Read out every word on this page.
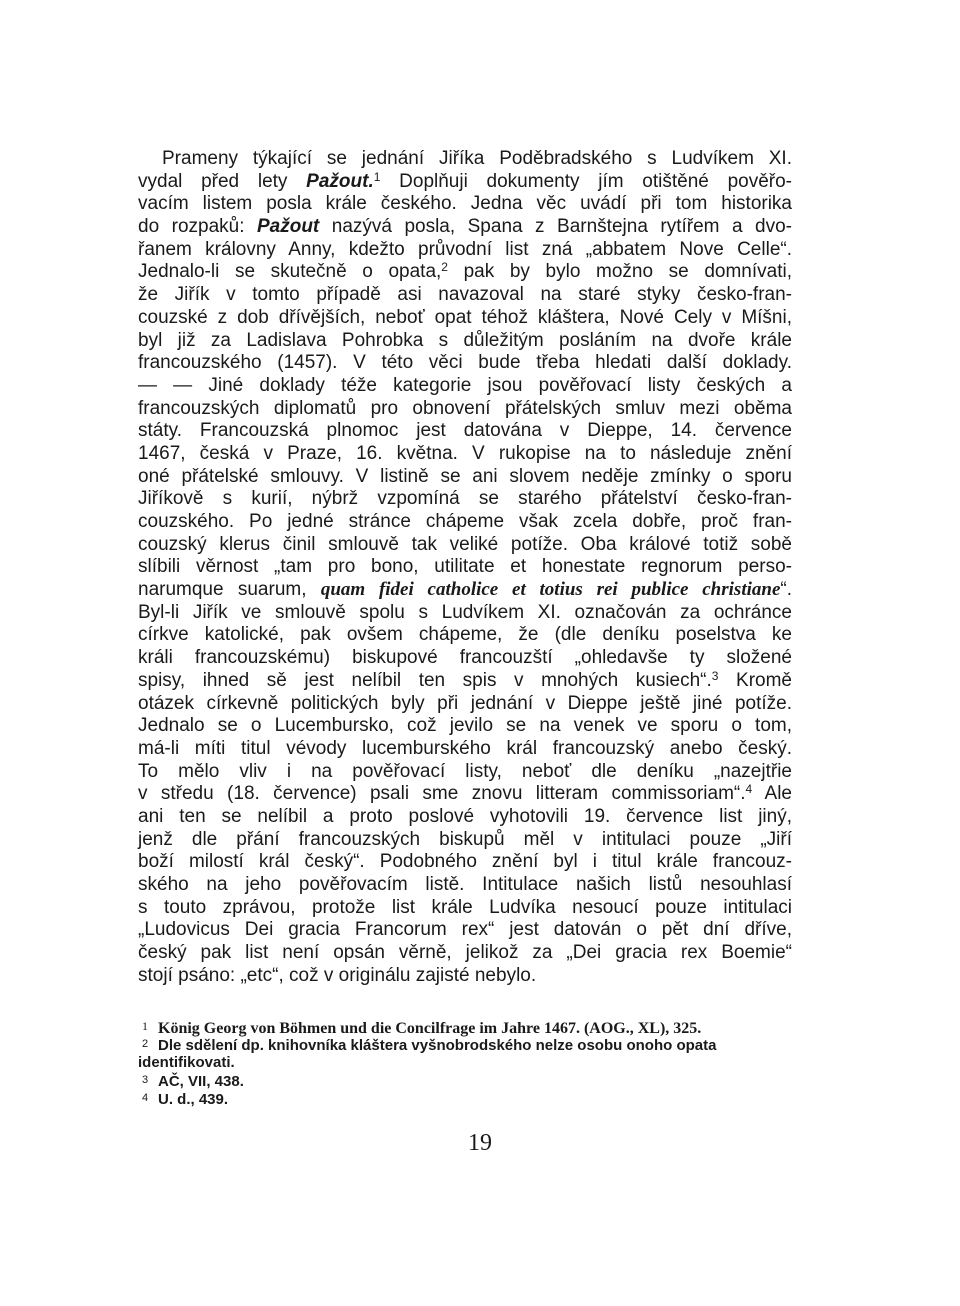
Prameny týkající se jednání Jiříka Poděbradského s Ludvíkem XI.
vydal před lety Pažout.$^1$ Doplňuji dokumenty jím otištěné pověřo-
vacím listem posla krále českého. Jedna věc uvádí při tom historika
do rozpaků: Pažout nazývá posla, Spana z Barnštejna rytířem a dvo-
řanem královny Anny, kdežto průvodní list zná „abbatem Nove Celle“.
Jednalo-li se skutečně o opata,$^2$ pak by bylo možno se domnívati,
že Jiřík v tomto případě asi navazoval na staré styky česko-fran-
couzské z dob dřívějších, neboť opat téhož kláštera, Nové Cely v Míšni,
byl již za Ladislava Pohrobka s důležitým posláním na dvoře krále
francouzského (1457). V této věci bude třeba hledati další doklady.
— — Jiné doklady téže kategorie jsou pověřovací listy českých a
francouzských diplomatů pro obnovení přátelských smluv mezi oběma
státy. Francouzská plnomoc jest datována v Dieppe, 14. července
1467, česká v Praze, 16. května. V rukopise na to následuje znění
oné přátelské smlouvy. V listině se ani slovem neděje zmínky o sporu
Jiříkově s kurií, nýbrž vzpomíná se starého přátelství česko-fran-
couzského. Po jedné stránce chápeme však zcela dobře, proč fran-
couzský klerus činil smlouvě tak veliké potíže. Oba králové totiž sobě
slíbili věrnost „tam pro bono, utilitate et honestate regnorum perso-
narumque suarum, quam fidei catholice et totius rei publice christiane“.
Byl-li Jiřík ve smlouvě spolu s Ludvíkem XI. označován za ochránce
církve katolické, pak ovšem chápeme, že (dle deníku poselstva ke
králi francouzskému) biskupové francouzští „ohledavše ty složené
spisy, ihned sě jest nelíbil ten spis v mnohých kusiech“.$^3$ Kromě
otázek církevně politických byly při jednání v Dieppe ještě jiné potíže.
Jednalo se o Lucembursko, což jevilo se na venek ve sporu o tom,
má-li míti titul vévody lucemburského král francouzský anebo český.
To mělo vliv i na pověřovací listy, neboť dle deníku „nazejtřie
v středu (18. července) psali sme znovu litteram commissoriam“.$^4$ Ale
ani ten se nelíbil a proto poslové vyhotovili 19. července list jiný,
jenž dle přání francouzských biskupů měl v intitulaci pouze „Jiří
boží milostí král český“. Podobného znění byl i titul krále francouz-
ského na jeho pověřovacím listě. Intitulace našich listů nesouhlasí
s touto zprávou, protože list krále Ludvíka nesoucí pouze intitulaci
„Ludovicus Dei gracia Francorum rex“ jest datován o pět dní dříve,
český pak list není opsán věrně, jelikož za „Dei gracia rex Boemie“
stojí psáno: „etc“, což v originálu zajisté nebylo.
1 König Georg von Böhmen und die Concilfrage im Jahre 1467. (AOG., XL), 325.
2 Dle sdělení dp. knihovníka kláštera vyšnobrodského nelze osobu onoho opata
identifikovati.
3 AČ, VII, 438.
4 U. d., 439.
19
